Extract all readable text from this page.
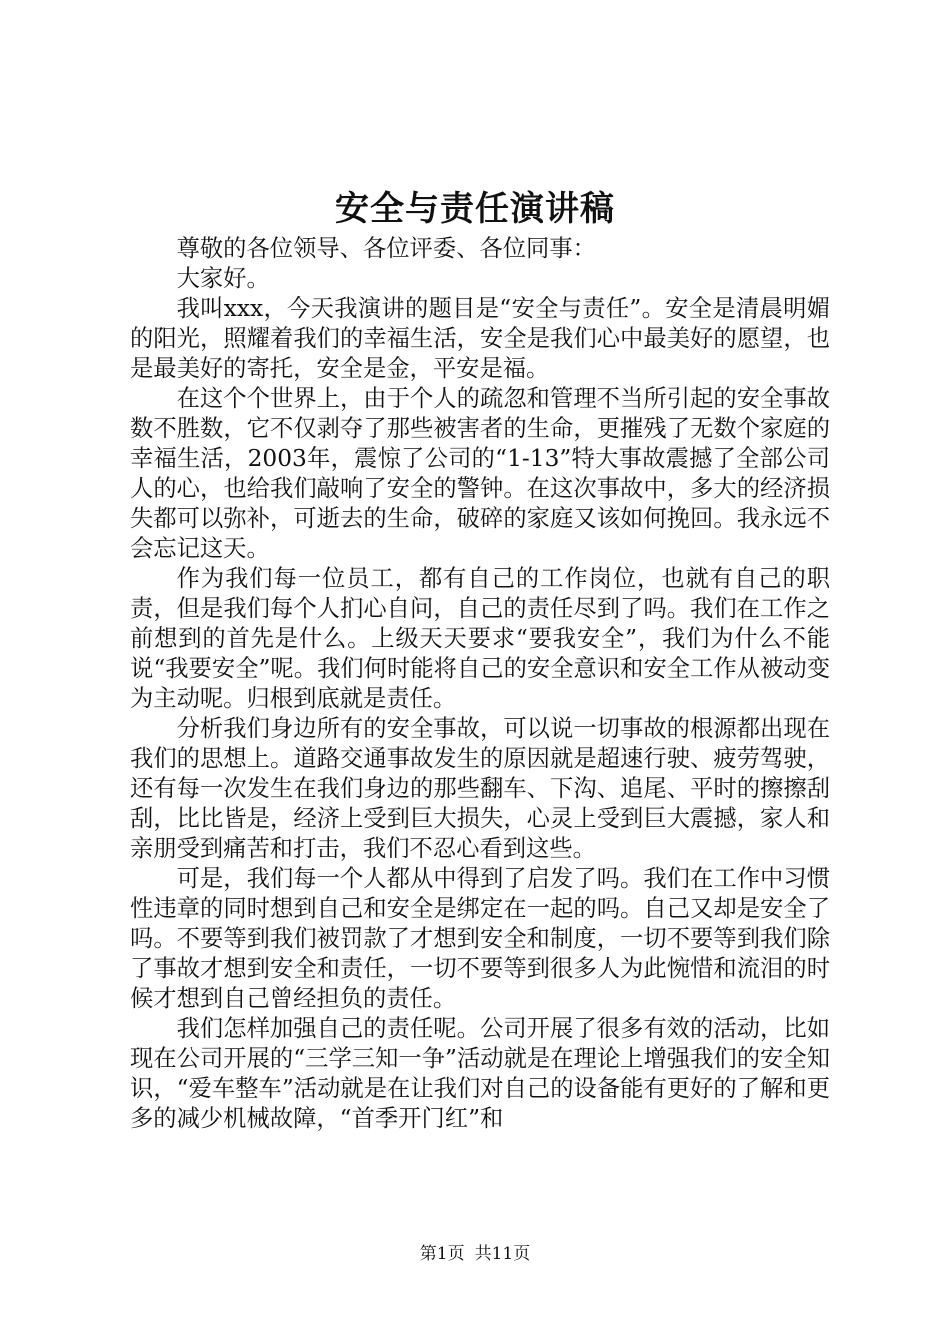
安全与责任演讲稿

尊敬的各位领导、各位评委、各位同事：

大家好。

我叫xxx，今天我演讲的题目是“安全与责任”。安全是清晨明媚的阳光，照耀着我们的幸福生活，安全是我们心中最美好的愿望，也是最美好的寄托，安全是金，平安是福。

在这个个世界上，由于个人的疏忽和管理不当所引起的安全事故数不胜数，它不仅剥夺了那些被害者的生命，更摧残了无数个家庭的幸福生活，2003年，震惊了公司的“1-13”特大事故震撼了全部公司人的心，也给我们敲响了安全的警钟。在这次事故中，多大的经济损失都可以弥补，可逝去的生命，破碎的家庭又该如何挽回。我永远不会忘记这天。

作为我们每一位员工，都有自己的工作岗位，也就有自己的职责，但是我们每个人扪心自问，自己的责任尽到了吗。我们在工作之前想到的首先是什么。上级天天要求“要我安全”，我们为什么不能说“我要安全”呢。我们何时能将自己的安全意识和安全工作从被动变为主动呢。归根到底就是责任。

分析我们身边所有的安全事故，可以说一切事故的根源都出现在我们的思想上。道路交通事故发生的原因就是超速行驶、疲劳驾驶，还有每一次发生在我们身边的那些翻车、下沟、追尾、平时的擦擦刮刮，比比皆是，经济上受到巨大损失，心灵上受到巨大震撼，家人和亲朋受到痛苦和打击，我们不忍心看到这些。

可是，我们每一个人都从中得到了启发了吗。我们在工作中习惯性违章的同时想到自己和安全是绑定在一起的吗。自己又却是安全了吗。不要等到我们被罚款了才想到安全和制度，一切不要等到我们除了事故才想到安全和责任，一切不要等到很多人为此惋惜和流泪的时候才想到自己曾经担负的责任。

我们怎样加强自己的责任呢。公司开展了很多有效的活动，比如现在公司开展的“三学三知一争”活动就是在理论上增强我们的安全知识，“爱车整车”活动就是在让我们对自己的设备能有更好的了解和更多的减少机械故障，“首季开门红”和

第1页 共11页
